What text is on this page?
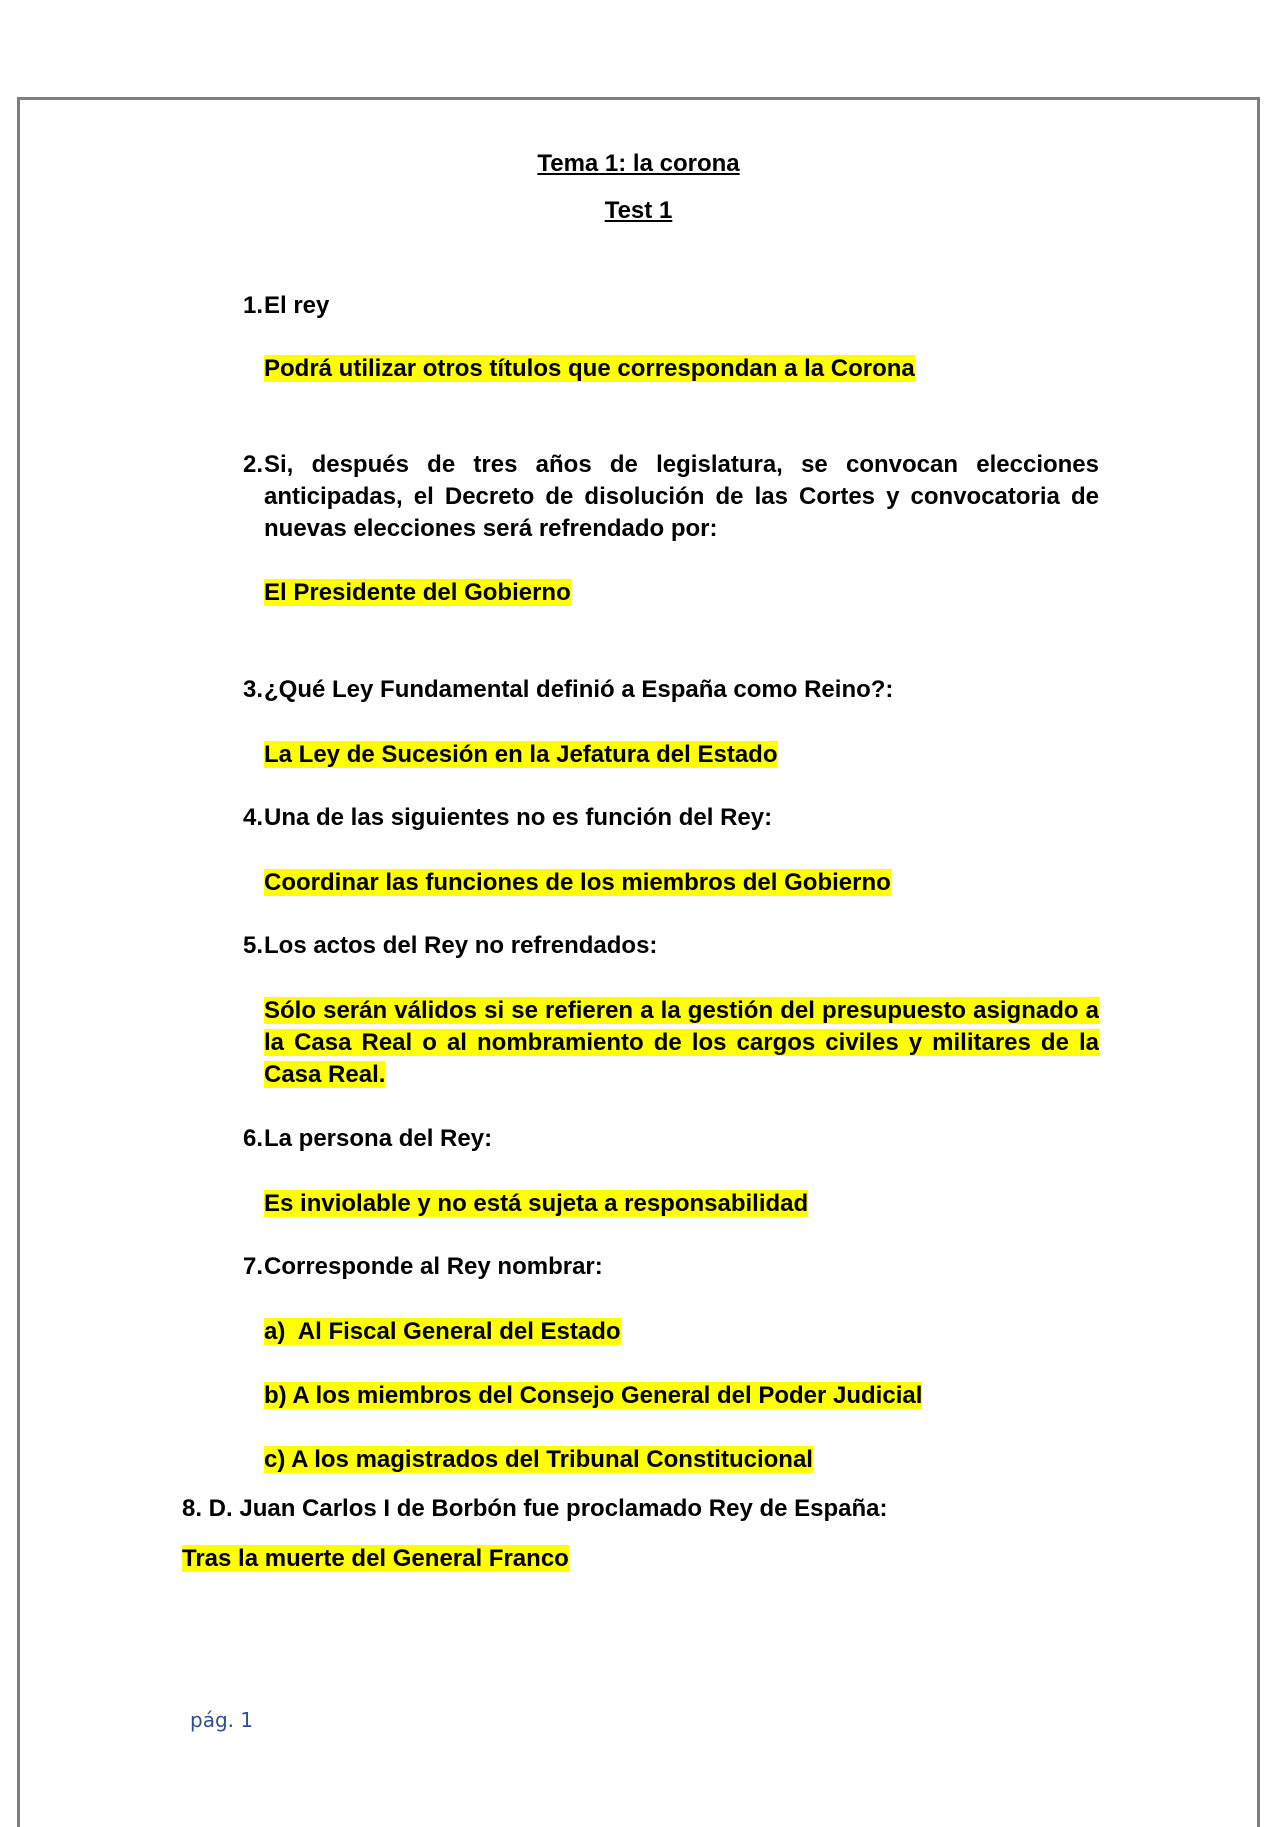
Tema 1: la corona
Test 1
1. El rey
Podrá utilizar otros títulos que correspondan a la Corona
2. Si, después de tres años de legislatura, se convocan elecciones anticipadas, el Decreto de disolución de las Cortes y convocatoria de nuevas elecciones será refrendado por:
El Presidente del Gobierno
3. ¿Qué Ley Fundamental definió a España como Reino?:
La Ley de Sucesión en la Jefatura del Estado
4. Una de las siguientes no es función del Rey:
Coordinar las funciones de los miembros del Gobierno
5. Los actos del Rey no refrendados:
Sólo serán válidos si se refieren a la gestión del presupuesto asignado a la Casa Real o al nombramiento de los cargos civiles y militares de la Casa Real.
6. La persona del Rey:
Es inviolable y no está sujeta a responsabilidad
7. Corresponde al Rey nombrar:
a)  Al Fiscal General del Estado
b) A los miembros del Consejo General del Poder Judicial
c) A los magistrados del Tribunal Constitucional
8. D. Juan Carlos I de Borbón fue proclamado Rey de España:
Tras la muerte del General Franco
pág. 1
